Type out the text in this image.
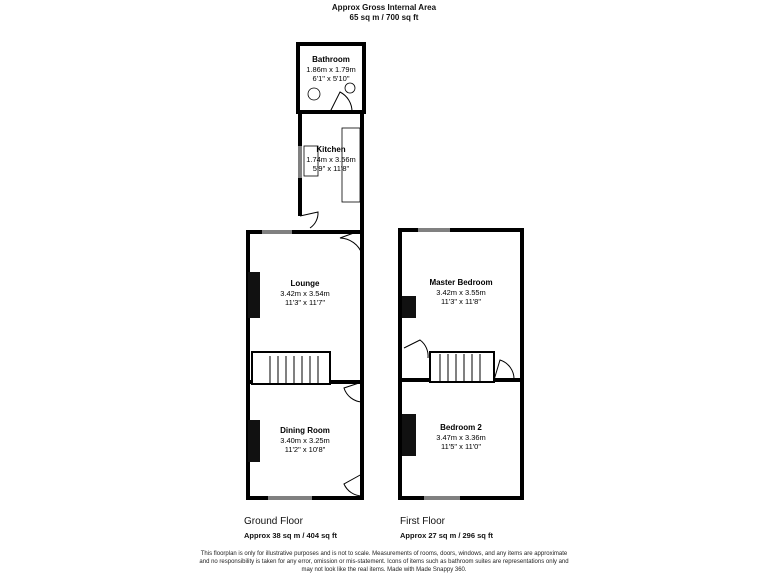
Approx Gross Internal Area
65 sq m / 700 sq ft
Bathroom
1.86m x 1.79m
6'1" x 5'10"
Kitchen
1.74m x 3.56m
5'9" x 11'8"
Lounge
3.42m x 3.54m
11'3" x 11'7"
Dining Room
3.40m x 3.25m
11'2" x 10'8"
Master Bedroom
3.42m x 3.55m
11'3" x 11'8"
Bedroom 2
3.47m x 3.36m
11'5" x 11'0"
Ground Floor
Approx 38 sq m / 404 sq ft
First Floor
Approx 27 sq m / 296 sq ft
This floorplan is only for illustrative purposes and is not to scale. Measurements of rooms, doors, windows, and any items are approximate
and no responsibility is taken for any error, omission or mis-statement. Icons of items such as bathroom suites are representations only and
may not look like the real items. Made with Made Snappy 360.
